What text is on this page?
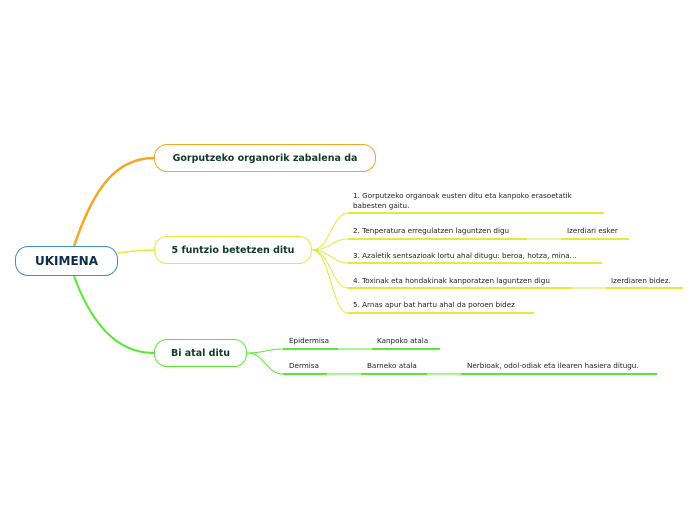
UKIMENA
Gorputzeko organorik zabalena da
5 funtzio betetzen ditu
Bi atal ditu
1. Gorputzeko organoak eusten ditu eta kanpoko erasoetatik babesten gaitu.
2. Tenperatura erregulatzen laguntzen digu	Izerdiari esker
3. Azaletik sentsazioak lortu ahal ditugu: beroa, hotza, mina...
4. Toxinak eta hondakinak kanporatzen laguntzen digu	Izerdiaren bidez.
5. Arnas apur bat hartu ahal da poroen bidez
Epidermisa	Kanpoko atala
Dermisa	Barneko atala	Nerbioak, odol-odiak eta ilearen hasiera ditugu.
